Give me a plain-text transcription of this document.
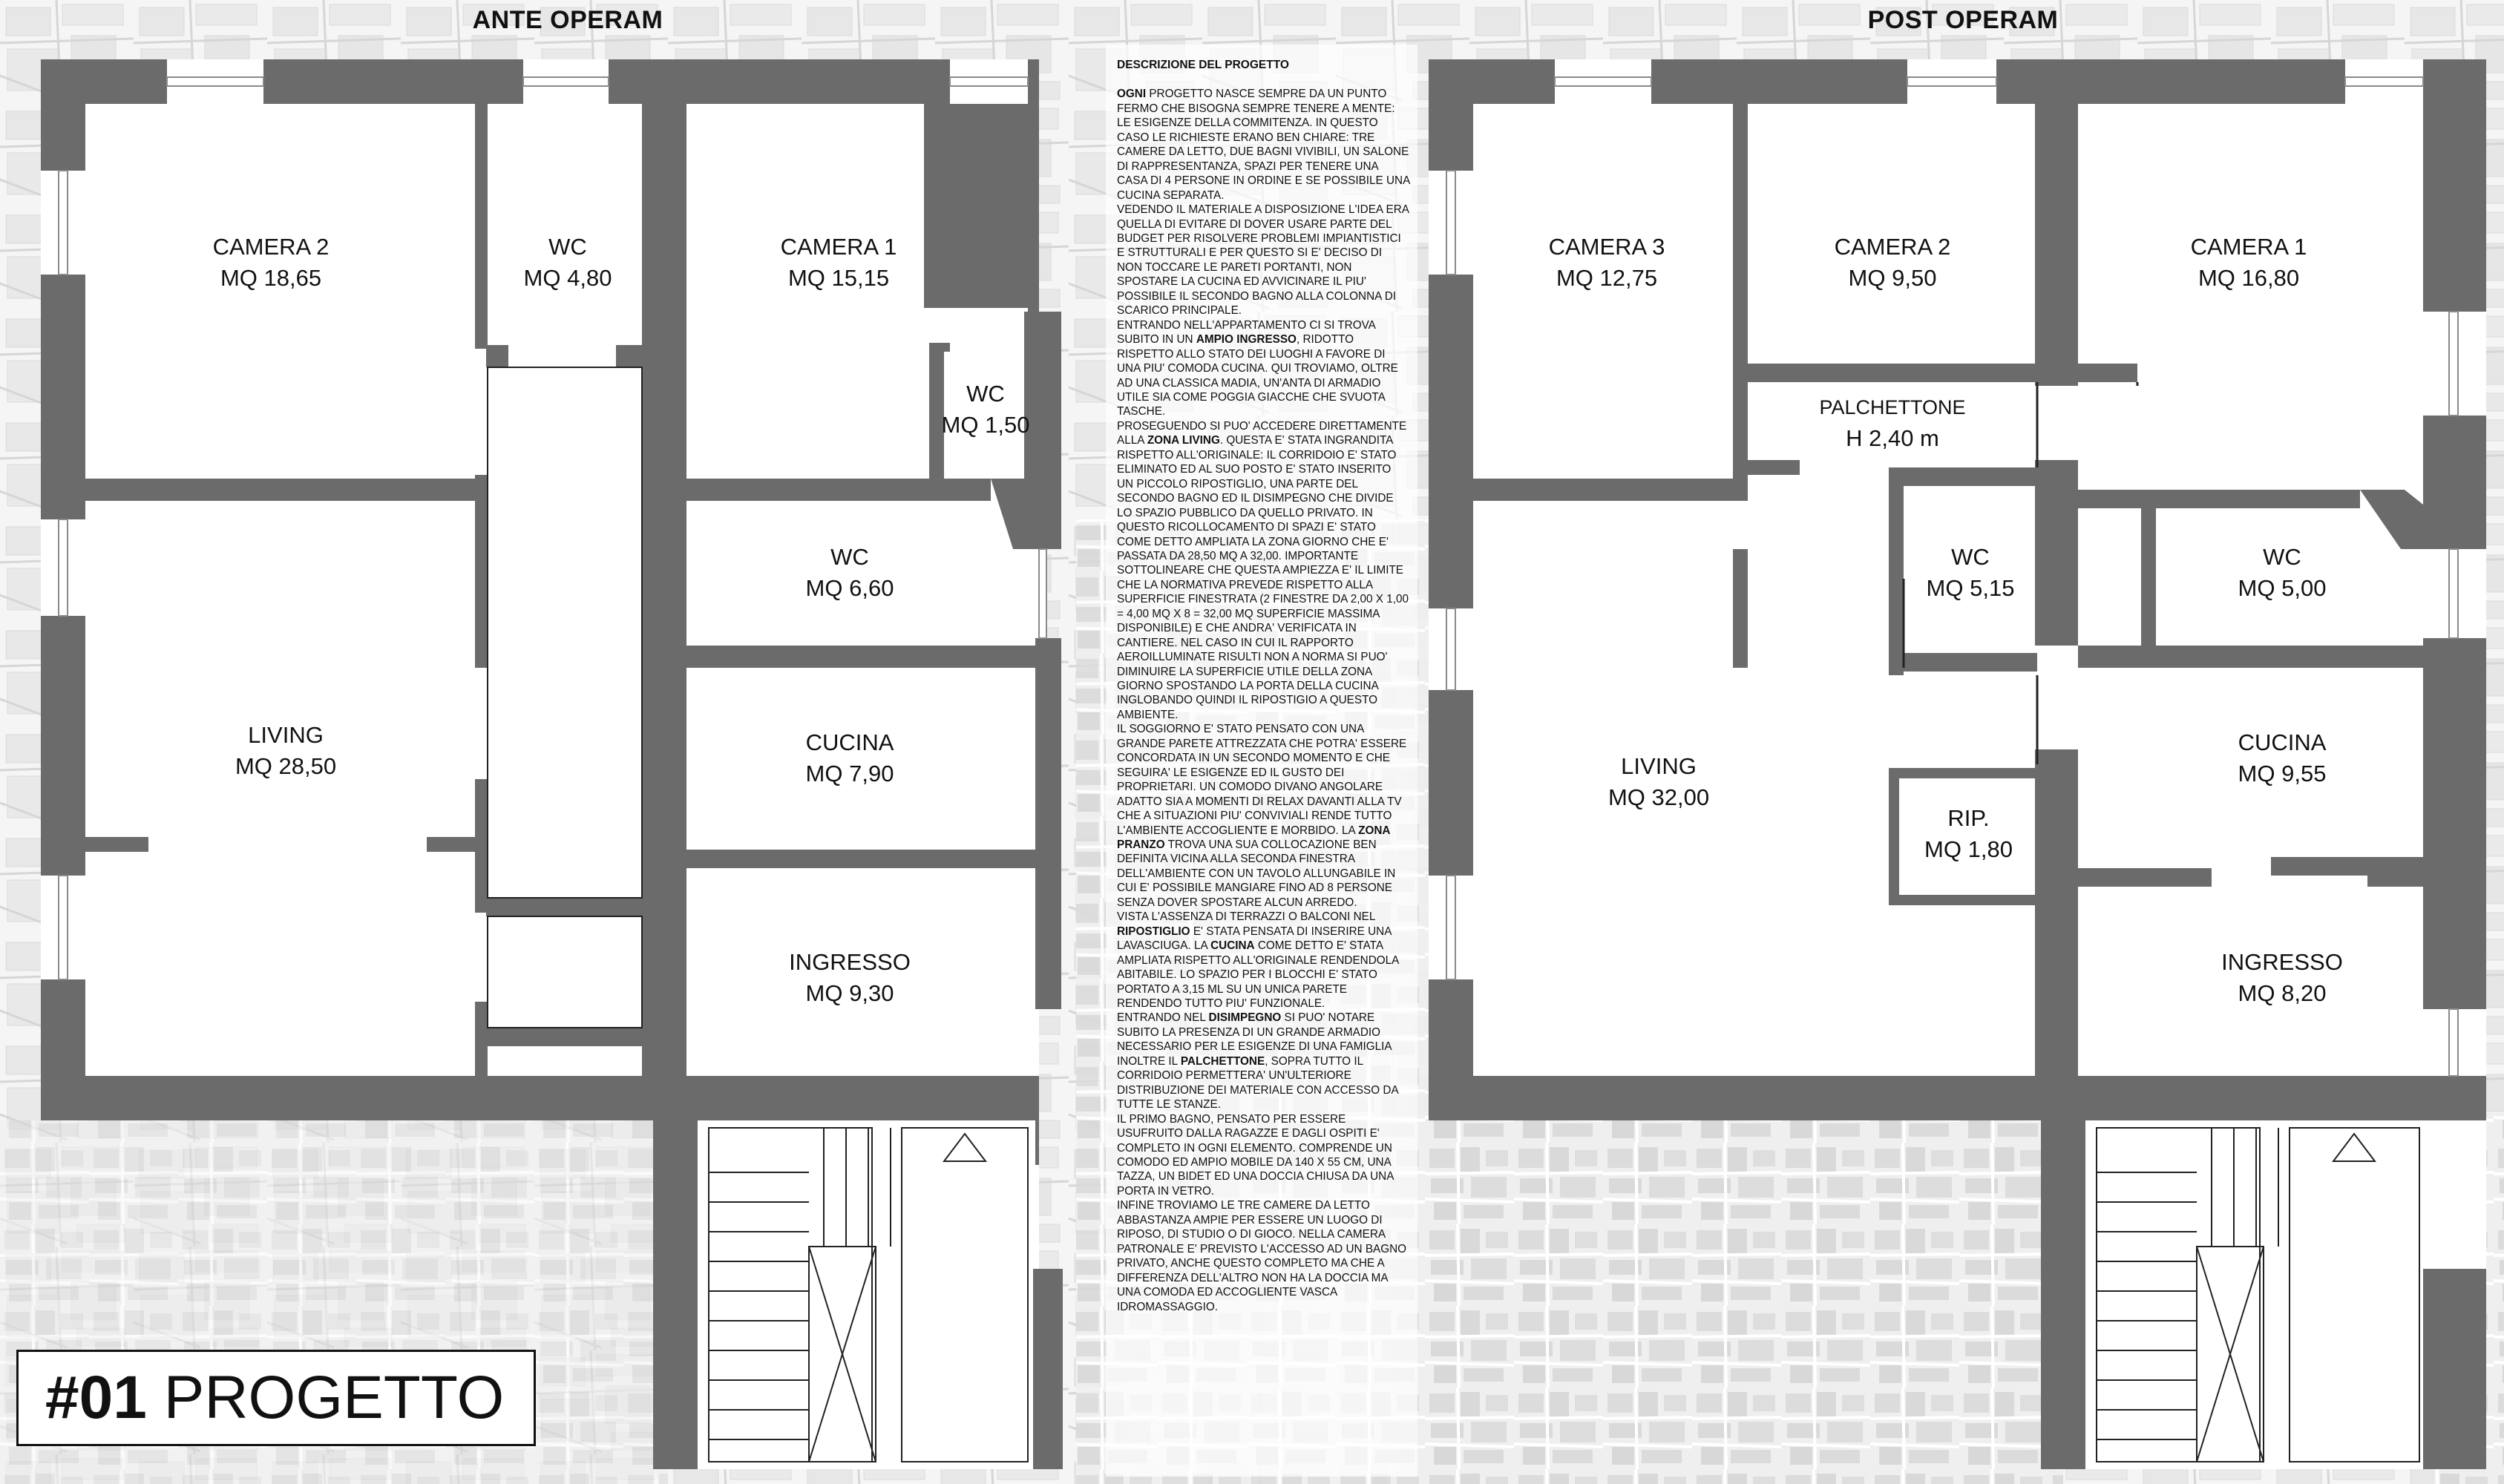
ANTE OPERAM	POST OPERAM
CAMERA 2
MQ 18,65
WC
MQ 4,80
CAMERA 1
MQ 15,15
WC
MQ 1,50
WC
MQ 6,60
LIVING
MQ 28,50
CUCINA
MQ 7,90
INGRESSO
MQ 9,30
CAMERA 3
MQ 12,75
CAMERA 2
MQ 9,50
CAMERA 1
MQ 16,80
PALCHETTONE
H 2,40 m
WC
MQ 5,15
WC
MQ 5,00
LIVING
MQ 32,00
CUCINA
MQ 9,55
RIP.
MQ 1,80
INGRESSO
MQ 8,20
DESCRIZIONE DEL PROGETTO
OGNI PROGETTO NASCE SEMPRE DA UN PUNTO FERMO CHE BISOGNA SEMPRE TENERE A MENTE: LE ESIGENZE DELLA COMMITENZA. IN QUESTO CASO LE RICHIESTE ERANO BEN CHIARE: TRE CAMERE DA LETTO, DUE BAGNI VIVIBILI, UN SALONE DI RAPPRESENTANZA, SPAZI PER TENERE UNA CASA DI 4 PERSONE IN ORDINE E SE POSSIBILE UNA CUCINA SEPARATA.
VEDENDO IL MATERIALE A DISPOSIZIONE L'IDEA ERA QUELLA DI EVITARE DI DOVER USARE PARTE DEL BUDGET PER RISOLVERE PROBLEMI IMPIANTISTICI E STRUTTURALI E PER QUESTO SI E' DECISO DI NON TOCCARE LE PARETI PORTANTI, NON SPOSTARE LA CUCINA ED AVVICINARE IL PIU' POSSIBILE IL SECONDO BAGNO ALLA COLONNA DI SCARICO PRINCIPALE.
ENTRANDO NELL'APPARTAMENTO CI SI TROVA SUBITO IN UN AMPIO INGRESSO, RIDOTTO RISPETTO ALLO STATO DEI LUOGHI A FAVORE DI UNA PIU' COMODA CUCINA. QUI TROVIAMO, OLTRE AD UNA CLASSICA MADIA, UN'ANTA DI ARMADIO UTILE SIA COME POGGIA GIACCHE CHE SVUOTA TASCHE.
PROSEGUENDO SI PUO' ACCEDERE DIRETTAMENTE ALLA ZONA LIVING. QUESTA E' STATA INGRANDITA RISPETTO ALL'ORIGINALE: IL CORRIDOIO E' STATO ELIMINATO ED AL SUO POSTO E' STATO INSERITO UN PICCOLO RIPOSTIGLIO, UNA PARTE DEL SECONDO BAGNO ED IL DISIMPEGNO CHE DIVIDE LO SPAZIO PUBBLICO DA QUELLO PRIVATO. IN QUESTO RICOLLOCAMENTO DI SPAZI E' STATO COME DETTO AMPLIATA LA ZONA GIORNO CHE E' PASSATA DA 28,50 MQ A 32,00. IMPORTANTE SOTTOLINEARE CHE QUESTA AMPIEZZA E' IL LIMITE CHE LA NORMATIVA PREVEDE RISPETTO ALLA SUPERFICIE FINESTRATA (2 FINESTRE DA 2,00 X 1,00 = 4,00 MQ X 8 = 32,00 MQ SUPERFICIE MASSIMA DISPONIBILE) E CHE ANDRA' VERIFICATA IN CANTIERE. NEL CASO IN CUI IL RAPPORTO AEROILLUMINATE RISULTI NON A NORMA SI PUO' DIMINUIRE LA SUPERFICIE UTILE DELLA ZONA GIORNO SPOSTANDO LA PORTA DELLA CUCINA INGLOBANDO QUINDI IL RIPOSTIGIO A QUESTO AMBIENTE.
IL SOGGIORNO E' STATO PENSATO CON UNA GRANDE PARETE ATTREZZATA CHE POTRA' ESSERE CONCORDATA IN UN SECONDO MOMENTO E CHE SEGUIRA' LE ESIGENZE ED IL GUSTO DEI PROPRIETARI. UN COMODO DIVANO ANGOLARE ADATTO SIA A MOMENTI DI RELAX DAVANTI ALLA TV CHE A SITUAZIONI PIU' CONVIVIALI RENDE TUTTO L'AMBIENTE ACCOGLIENTE E MORBIDO. LA ZONA PRANZO TROVA UNA SUA COLLOCAZIONE BEN DEFINITA VICINA ALLA SECONDA FINESTRA DELL'AMBIENTE CON UN TAVOLO ALLUNGABILE IN CUI E' POSSIBILE MANGIARE FINO AD 8 PERSONE SENZA DOVER SPOSTARE ALCUN ARREDO.
VISTA L'ASSENZA DI TERRAZZI O BALCONI NEL RIPOSTIGLIO E' STATA PENSATA DI INSERIRE UNA LAVASCIUGA. LA CUCINA COME DETTO E' STATA AMPLIATA RISPETTO ALL'ORIGINALE RENDENDOLA ABITABILE. LO SPAZIO PER I BLOCCHI E' STATO PORTATO A 3,15 ML SU UN UNICA PARETE RENDENDO TUTTO PIU' FUNZIONALE.
ENTRANDO NEL DISIMPEGNO SI PUO' NOTARE SUBITO LA PRESENZA DI UN GRANDE ARMADIO NECESSARIO PER LE ESIGENZE DI UNA FAMIGLIA INOLTRE IL PALCHETTONE, SOPRA TUTTO IL CORRIDOIO PERMETTERA' UN'ULTERIORE DISTRIBUZIONE DEI MATERIALE CON ACCESSO DA TUTTE LE STANZE.
IL PRIMO BAGNO, PENSATO PER ESSERE USUFRUITO DALLA RAGAZZE E DAGLI OSPITI E' COMPLETO IN OGNI ELEMENTO. COMPRENDE UN COMODO ED AMPIO MOBILE DA 140 X 55 CM, UNA TAZZA, UN BIDET ED UNA DOCCIA CHIUSA DA UNA PORTA IN VETRO.
INFINE TROVIAMO LE TRE CAMERE DA LETTO ABBASTANZA AMPIE PER ESSERE UN LUOGO DI RIPOSO, DI STUDIO O DI GIOCO. NELLA CAMERA PATRONALE E' PREVISTO L'ACCESSO AD UN BAGNO PRIVATO, ANCHE QUESTO COMPLETO MA CHE A DIFFERENZA DELL'ALTRO NON HA LA DOCCIA MA UNA COMODA ED ACCOGLIENTE VASCA IDROMASSAGGIO.
#01 PROGETTO
